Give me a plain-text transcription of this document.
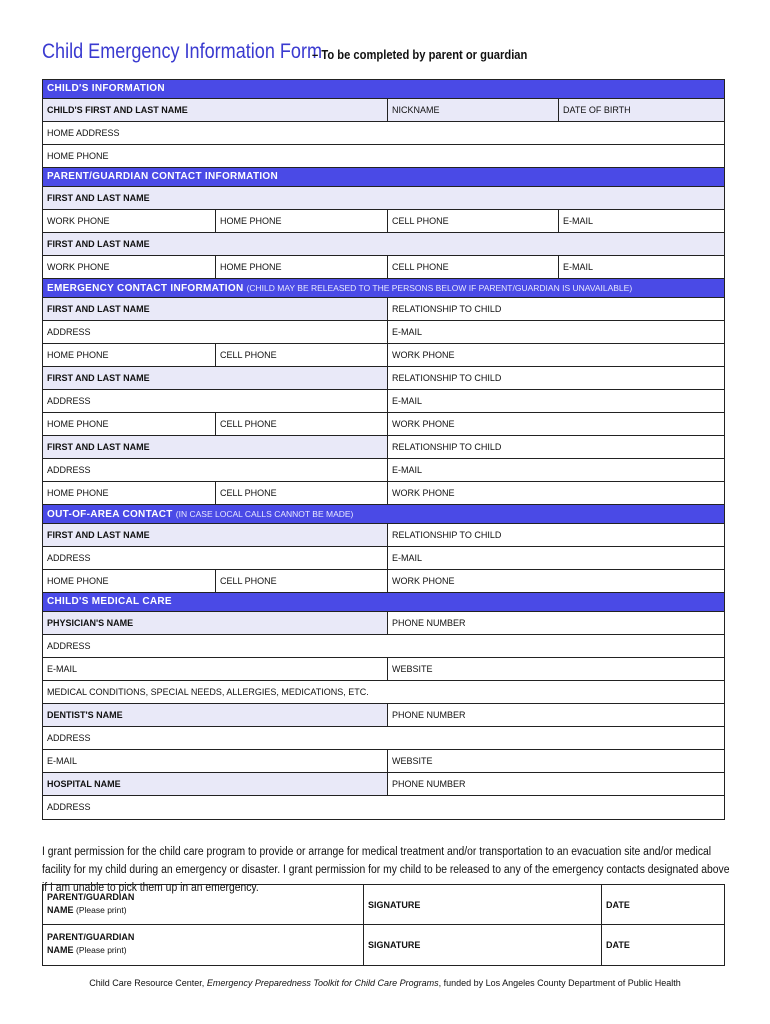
Child Emergency Information Form
– To be completed by parent or guardian
CHILD'S INFORMATION
CHILD'S FIRST AND LAST NAME	NICKNAME	DATE OF BIRTH
HOME ADDRESS
HOME PHONE
PARENT/GUARDIAN CONTACT INFORMATION
FIRST AND LAST NAME
WORK PHONE	HOME PHONE	CELL PHONE	E-MAIL
FIRST AND LAST NAME
WORK PHONE	HOME PHONE	CELL PHONE	E-MAIL
EMERGENCY CONTACT INFORMATION (CHILD MAY BE RELEASED TO THE PERSONS BELOW IF PARENT/GUARDIAN IS UNAVAILABLE)
FIRST AND LAST NAME	RELATIONSHIP TO CHILD
ADDRESS	E-MAIL
HOME PHONE	CELL PHONE	WORK PHONE
FIRST AND LAST NAME	RELATIONSHIP TO CHILD
ADDRESS	E-MAIL
HOME PHONE	CELL PHONE	WORK PHONE
FIRST AND LAST NAME	RELATIONSHIP TO CHILD
ADDRESS	E-MAIL
HOME PHONE	CELL PHONE	WORK PHONE
OUT-OF-AREA CONTACT (IN CASE LOCAL CALLS CANNOT BE MADE)
FIRST AND LAST NAME	RELATIONSHIP TO CHILD
ADDRESS	E-MAIL
HOME PHONE	CELL PHONE	WORK PHONE
CHILD'S MEDICAL CARE
PHYSICIAN'S NAME	PHONE NUMBER
ADDRESS
E-MAIL	WEBSITE
MEDICAL CONDITIONS, SPECIAL NEEDS, ALLERGIES, MEDICATIONS, ETC.
DENTIST'S NAME	PHONE NUMBER
ADDRESS
E-MAIL	WEBSITE
HOSPITAL NAME	PHONE NUMBER
ADDRESS
I grant permission for the child care program to provide or arrange for medical treatment and/or transportation to an evacuation site and/or medical facility for my child during an emergency or disaster. I grant permission for my child to be released to any of the emergency contacts designated above if I am unable to pick them up in an emergency.
PARENT/GUARDIAN
NAME (Please print)	SIGNATURE	DATE
PARENT/GUARDIAN
NAME (Please print)	SIGNATURE	DATE
Child Care Resource Center, Emergency Preparedness Toolkit for Child Care Programs, funded by Los Angeles County Department of Public Health
